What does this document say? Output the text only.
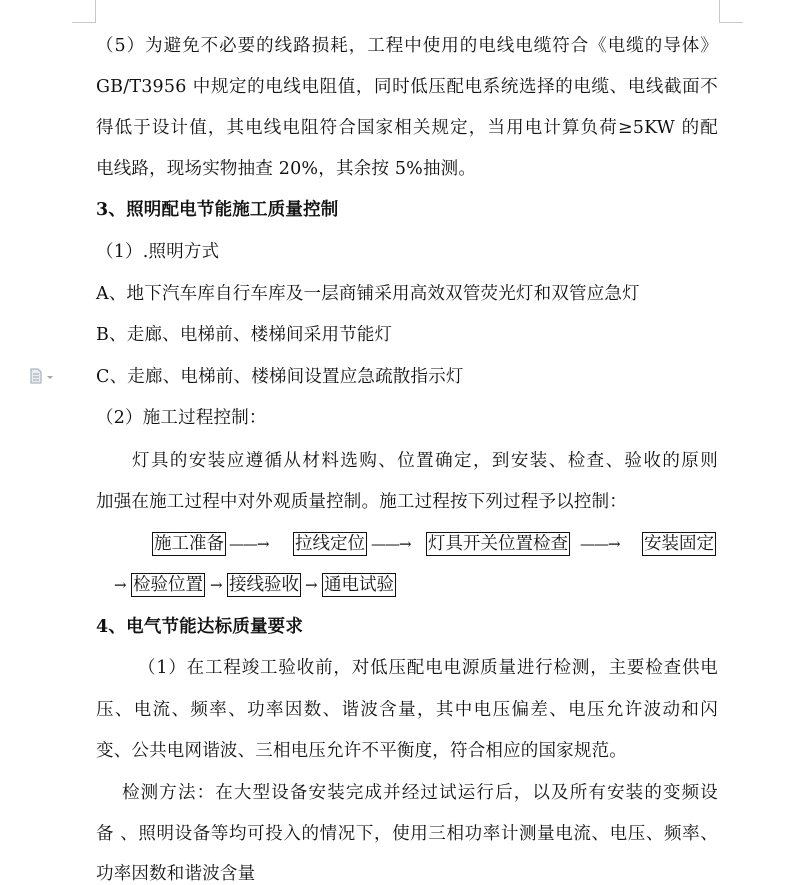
（5）为避免不必要的线路损耗，工程中使用的电线电缆符合《电缆的导体》
GB/T3956 中规定的电线电阻值，同时低压配电系统选择的电缆、电线截面不
得低于设计值，其电线电阻符合国家相关规定，当用电计算负荷≥5KW 的配
电线路，现场实物抽查 20%，其余按 5%抽测。
3、照明配电节能施工质量控制
（1）.照明方式
A、地下汽车库自行车库及一层商铺采用高效双管荧光灯和双管应急灯
B、走廊、电梯前、楼梯间采用节能灯
C、走廊、电梯前、楼梯间设置应急疏散指示灯
（2）施工过程控制：
灯具的安装应遵循从材料选购、位置确定，到安装、检查、验收的原则
加强在施工过程中对外观质量控制。施工过程按下列过程予以控制：
施工准备 ——→ 拉线定位 ——→ 灯具开关位置检查 ——→ 安装固定
→ 检验位置 → 接线验收 → 通电试验
4、电气节能达标质量要求
（1）在工程竣工验收前，对低压配电电源质量进行检测，主要检查供电
压、电流、频率、功率因数、谐波含量，其中电压偏差、电压允许波动和闪
变、公共电网谐波、三相电压允许不平衡度，符合相应的国家规范。
检测方法：在大型设备安装完成并经过试运行后，以及所有安装的变频设
备 、照明设备等均可投入的情况下，使用三相功率计测量电流、电压、频率、
功率因数和谐波含量
